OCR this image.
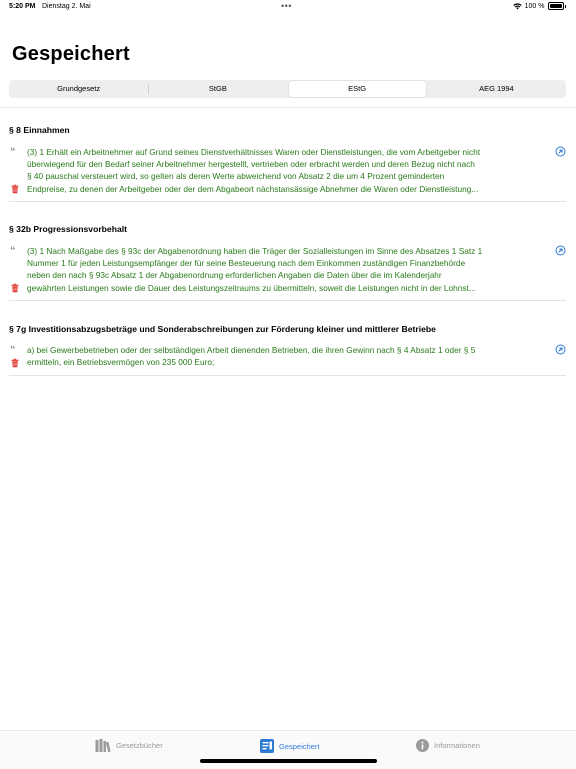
5:20 PM Dienstag 2. Mai	•••	100 %
Gespeichert
Grundgesetz	StGB	EStG	AEG 1994
§ 8 Einnahmen
“ (3) 1 Erhält ein Arbeitnehmer auf Grund seines Dienstverhältnisses Waren oder Dienstleistungen, die vom Arbeitgeber nicht
überwiegend für den Bedarf seiner Arbeitnehmer hergestellt, vertrieben oder erbracht werden und deren Bezug nicht nach
§ 40 pauschal versteuert wird, so gelten als deren Werte abweichend von Absatz 2 die um 4 Prozent geminderten
Endpreise, zu denen der Arbeitgeber oder der dem Abgabeort nächstansässige Abnehmer die Waren oder Dienstleistung...
§ 32b Progressionsvorbehalt
“ (3) 1 Nach Maßgabe des § 93c der Abgabenordnung haben die Träger der Sozialleistungen im Sinne des Absatzes 1 Satz 1
Nummer 1 für jeden Leistungsempfänger der für seine Besteuerung nach dem Einkommen zuständigen Finanzbehörde
neben den nach § 93c Absatz 1 der Abgabenordnung erforderlichen Angaben die Daten über die im Kalenderjahr
gewährten Leistungen sowie die Dauer des Leistungszeitraums zu übermitteln, soweit die Leistungen nicht in der Lohnst...
§ 7g Investitionsabzugsbeträge und Sonderabschreibungen zur Förderung kleiner und mittlerer Betriebe
“ a) bei Gewerbebetrieben oder der selbständigen Arbeit dienenden Betrieben, die ihren Gewinn nach § 4 Absatz 1 oder § 5
ermitteln, ein Betriebsvermögen von 235 000 Euro;
Gesetzbücher	Gespeichert	Informationen
